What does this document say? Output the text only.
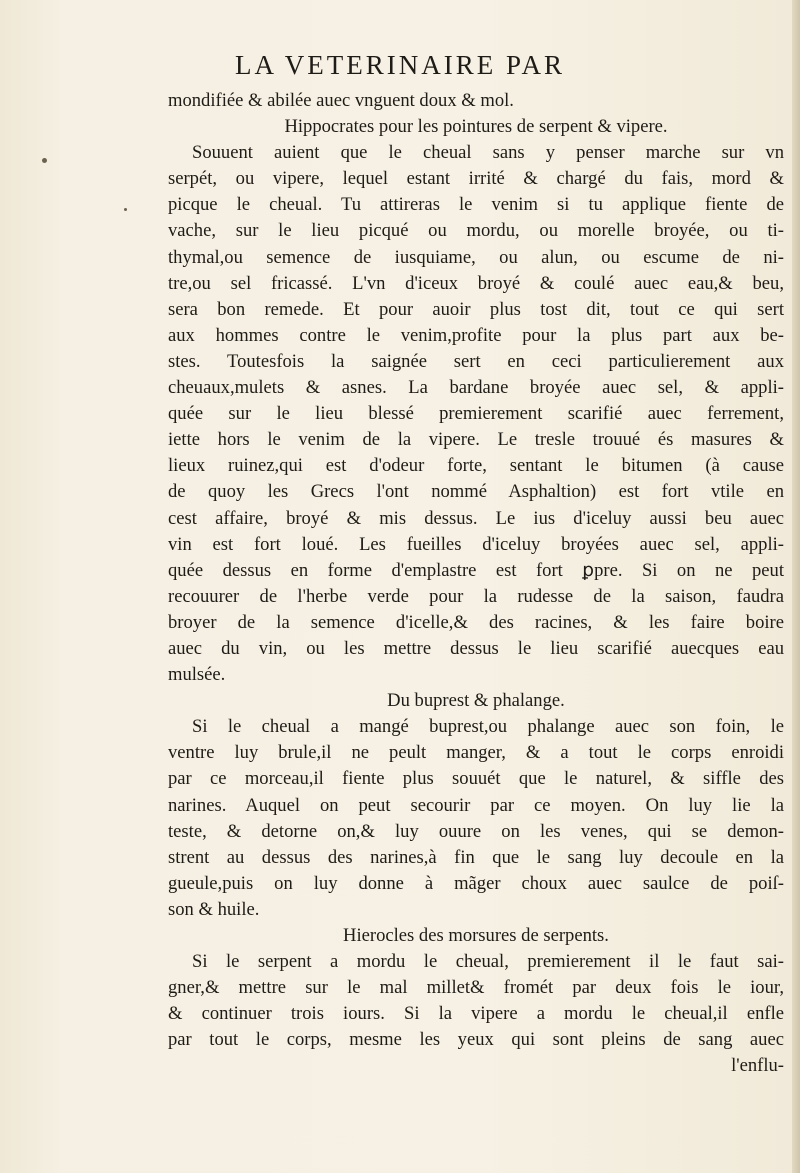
LA VETERINAIRE PAR
mondifiée & abilée auec vnguent doux & mol.
Hippocrates pour les pointures de serpent & vipere.
Souuent auient que le cheual sans y penser marche sur vn
serpét, ou vipere, lequel estant irrité & chargé du fais, mord &
picque le cheual. Tu attireras le venim si tu applique fiente de
vache, sur le lieu picqué ou mordu, ou morelle broyée, ou ti-
thymal,ou semence de iusquiame, ou alun, ou escume de ni-
tre,ou sel fricassé. L'vn d'iceux broyé & coulé auec eau,& beu,
sera bon remede. Et pour auoir plus tost dit, tout ce qui sert
aux hommes contre le venim,profite pour la plus part aux be-
stes. Toutesfois la saignée sert en ceci particulierement aux
cheuaux,mulets & asnes. La bardane broyée auec sel, & appli-
quée sur le lieu blessé premierement scarifié auec ferrement,
iette hors le venim de la vipere. Le tresle trouué és masures &
lieux ruinez,qui est d'odeur forte, sentant le bitumen (à cause
de quoy les Grecs l'ont nommé Asphaltion) est fort vtile en
cest affaire, broyé & mis dessus. Le ius d'iceluy aussi beu auec
vin est fort loué. Les fueilles d'iceluy broyées auec sel, appli-
quée dessus en forme d'emplastre est fort ꝑpre. Si on ne peut
recouurer de l'herbe verde pour la rudesse de la saison, faudra
broyer de la semence d'icelle,& des racines, & les faire boire
auec du vin, ou les mettre dessus le lieu scarifié auecques eau
mulsée.
Du buprest & phalange.
Si le cheual a mangé buprest,ou phalange auec son foin, le
ventre luy brule,il ne peult manger, & a tout le corps enroidi
par ce morceau,il fiente plus souuét que le naturel, & siffle des
narines. Auquel on peut secourir par ce moyen. On luy lie la
teste, & detorne on,& luy ouure on les venes, qui se demon-
strent au dessus des narines,à fin que le sang luy decoule en la
gueule,puis on luy donne à mãger choux auec saulce de poiſ-
son & huile.
Hierocles des morsures de serpents.
Si le serpent a mordu le cheual, premierement il le faut sai-
gner,& mettre sur le mal millet& fromét par deux fois le iour,
& continuer trois iours. Si la vipere a mordu le cheual,il enfle
par tout le corps, mesme les yeux qui sont pleins de sang auec
l'enflu-
